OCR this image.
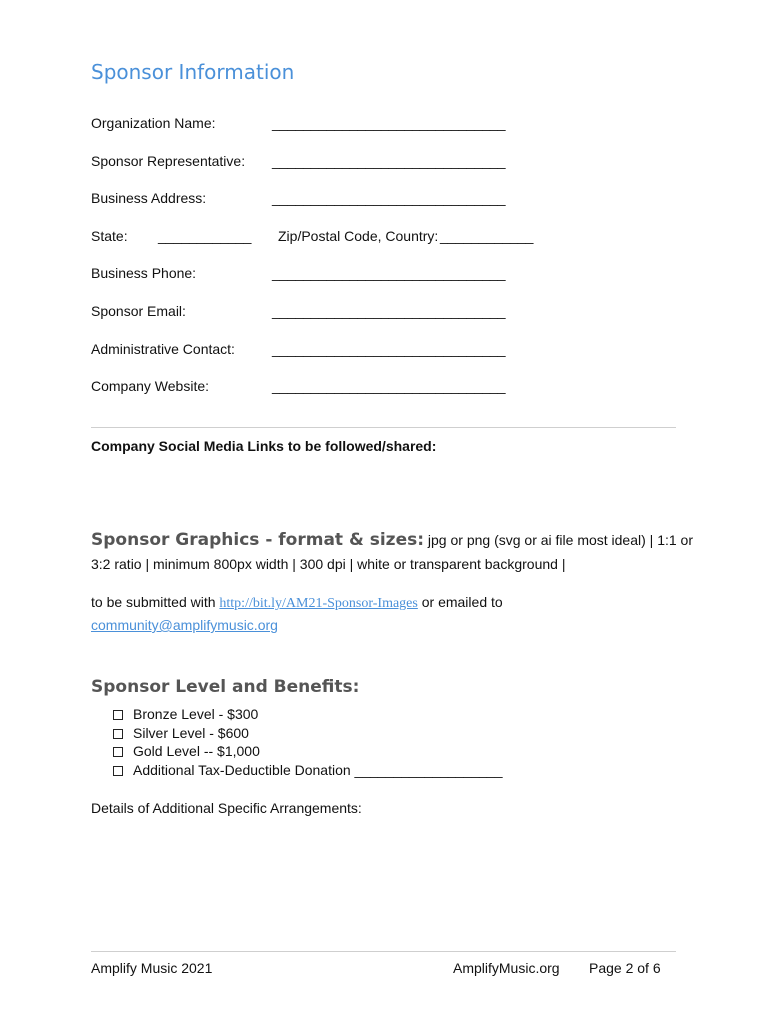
Sponsor Information
Organization Name:	______________________________
Sponsor Representative: ______________________________
Business Address:	______________________________
State: ____________ Zip/Postal Code, Country: ____________
Business Phone:	______________________________
Sponsor Email:	______________________________
Administrative Contact:	______________________________
Company Website:	______________________________
Company Social Media Links to be followed/shared:
Sponsor Graphics - format & sizes: jpg or png (svg or ai file most ideal) | 1:1 or
3:2 ratio | minimum 800px width | 300 dpi | white or transparent background |
to be submitted with http://bit.ly/AM21-Sponsor-Images or emailed to
community@amplifymusic.org
Sponsor Level and Benefits:
Bronze Level - $300
Silver Level - $600
Gold Level -- $1,000
Additional Tax-Deductible Donation ___________________
Details of Additional Specific Arrangements:
Amplify Music 2021	AmplifyMusic.org Page 2 of 6
